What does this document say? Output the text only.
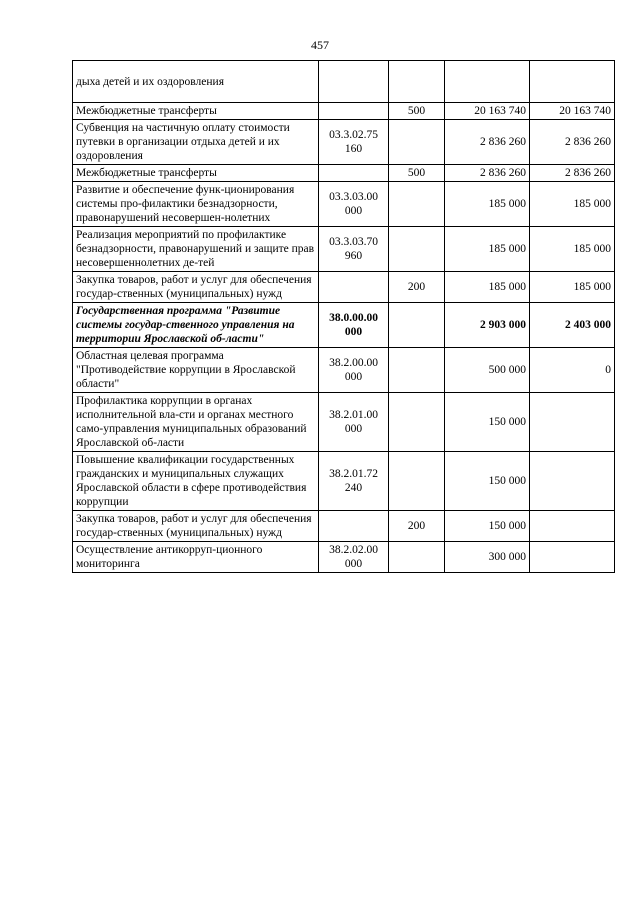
457
дыха детей и их оздоровления				
Межбюджетные трансферты		500	20 163 740	20 163 740
Субвенция на частичную оплату стоимости путевки в организации отдыха детей и их оздоровления	03.3.02.75 160		2 836 260	2 836 260
Межбюджетные трансферты		500	2 836 260	2 836 260
Развитие и обеспечение функ-ционирования системы про-филактики безнадзорности, правонарушений несовершен-нолетних	03.3.03.00 000		185 000	185 000
Реализация мероприятий по профилактике безнадзорности, правонарушений и защите прав несовершеннолетних де-тей	03.3.03.70 960		185 000	185 000
Закупка товаров, работ и услуг для обеспечения государ-ственных (муниципальных) нужд		200	185 000	185 000
Государственная программа "Развитие системы государ-ственного управления на территории Ярославской об-ласти"	38.0.00.00 000		2 903 000	2 403 000
Областная целевая программа "Противодействие коррупции в Ярославской области"	38.2.00.00 000		500 000	0
Профилактика коррупции в органах исполнительной вла-сти и органах местного само-управления муниципальных образований Ярославской об-ласти	38.2.01.00 000		150 000	
Повышение квалификации государственных гражданских и муниципальных служащих Ярославской области в сфере противодействия коррупции	38.2.01.72 240		150 000	
Закупка товаров, работ и услуг для обеспечения государ-ственных (муниципальных) нужд		200	150 000	
Осуществление антикорруп-ционного мониторинга	38.2.02.00 000		300 000	
